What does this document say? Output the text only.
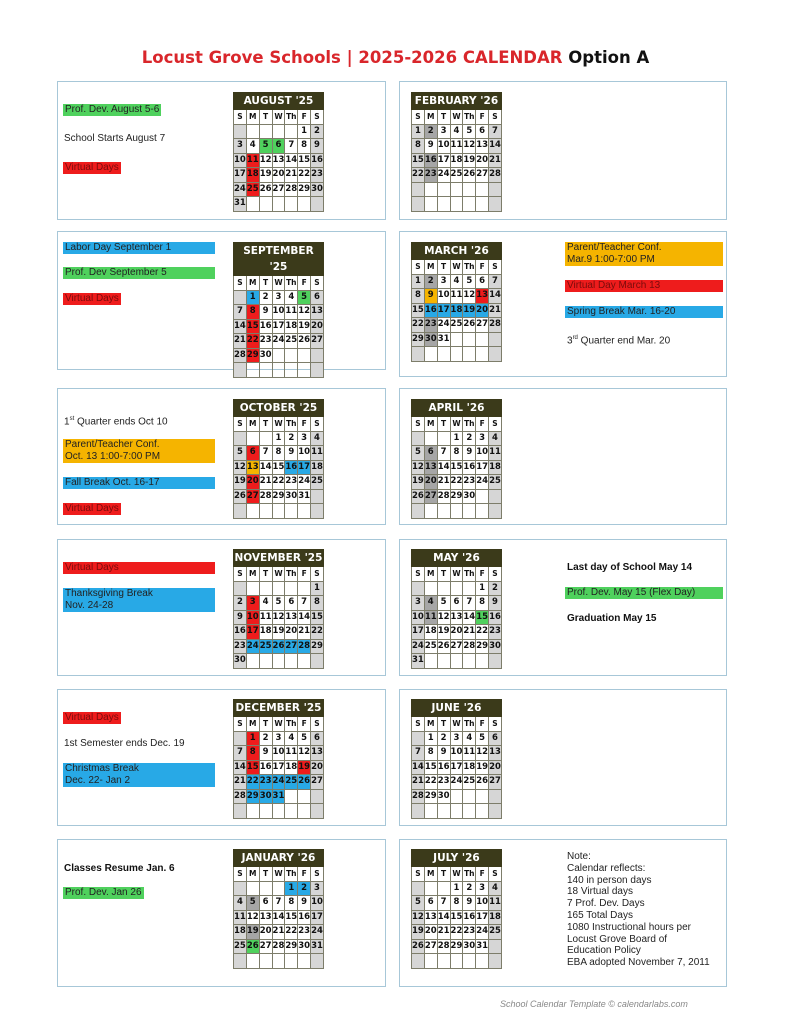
Locust Grove Schools | 2025-2026 CALENDAR Option A
AUGUST '25						
S	M	T	W	Th	F	S
					1	2
3	4	5	6	7	8	9
10	11	12	13	14	15	16
17	18	19	20	21	22	23
24	25	26	27	28	29	30
31						
FEBRUARY '26						
S	M	T	W	Th	F	S
1	2	3	4	5	6	7
8	9	10	11	12	13	14
15	16	17	18	19	20	21
22	23	24	25	26	27	28

SEPTEMBER '25						
S	M	T	W	Th	F	S
	1	2	3	4	5	6
7	8	9	10	11	12	13
14	15	16	17	18	19	20
21	22	23	24	25	26	27
28	29	30				

MARCH '26						
S	M	T	W	Th	F	S
1	2	3	4	5	6	7
8	9	10	11	12	13	14
15	16	17	18	19	20	21
22	23	24	25	26	27	28
29	30	31				

OCTOBER '25						
S	M	T	W	Th	F	S
			1	2	3	4
5	6	7	8	9	10	11
12	13	14	15	16	17	18
19	20	21	22	23	24	25
26	27	28	29	30	31	

APRIL '26						
S	M	T	W	Th	F	S
			1	2	3	4
5	6	7	8	9	10	11
12	13	14	15	16	17	18
19	20	21	22	23	24	25
26	27	28	29	30		

NOVEMBER '25						
S	M	T	W	Th	F	S
						1
2	3	4	5	6	7	8
9	10	11	12	13	14	15
16	17	18	19	20	21	22
23	24	25	26	27	28	29
30						
MAY '26						
S	M	T	W	Th	F	S
					1	2
3	4	5	6	7	8	9
10	11	12	13	14	15	16
17	18	19	20	21	22	23
24	25	26	27	28	29	30
31						
DECEMBER '25						
S	M	T	W	Th	F	S
	1	2	3	4	5	6
7	8	9	10	11	12	13
14	15	16	17	18	19	20
21	22	23	24	25	26	27
28	29	30	31			

JUNE '26						
S	M	T	W	Th	F	S
	1	2	3	4	5	6
7	8	9	10	11	12	13
14	15	16	17	18	19	20
21	22	23	24	25	26	27
28	29	30				

JANUARY '26						
S	M	T	W	Th	F	S
				1	2	3
4	5	6	7	8	9	10
11	12	13	14	15	16	17
18	19	20	21	22	23	24
25	26	27	28	29	30	31

JULY '26						
S	M	T	W	Th	F	S
			1	2	3	4
5	6	7	8	9	10	11
12	13	14	15	16	17	18
19	20	21	22	23	24	25
26	27	28	29	30	31	

Prof. Dev. August 5-6
School Starts August 7
Virtual Days
Labor Day September 1
Prof. Dev September 5
Virtual Days
Parent/Teacher Conf.
Mar.9 1:00-7:00 PM
Virtual Day March 13
Spring Break Mar. 16-20
3rd Quarter end Mar. 20
1st Quarter ends Oct 10
Parent/Teacher Conf.
Oct. 13 1:00-7:00 PM
Fall Break Oct. 16-17
Virtual Days
Virtual Days
Thanksgiving Break
Nov. 24-28
Last day of School May 14
Prof. Dev. May 15 (Flex Day)
Graduation May 15
Virtual Days
1st Semester ends Dec. 19
Christmas Break
Dec. 22- Jan 2
Classes Resume Jan. 6
Prof. Dev. Jan 26
Note:
Calendar reflects:
140 in person days
18 Virtual days
7 Prof. Dev. Days
165 Total Days
1080 Instructional hours per
Locust Grove Board of
Education Policy
EBA adopted November 7, 2011
School Calendar Template © calendarlabs.com
